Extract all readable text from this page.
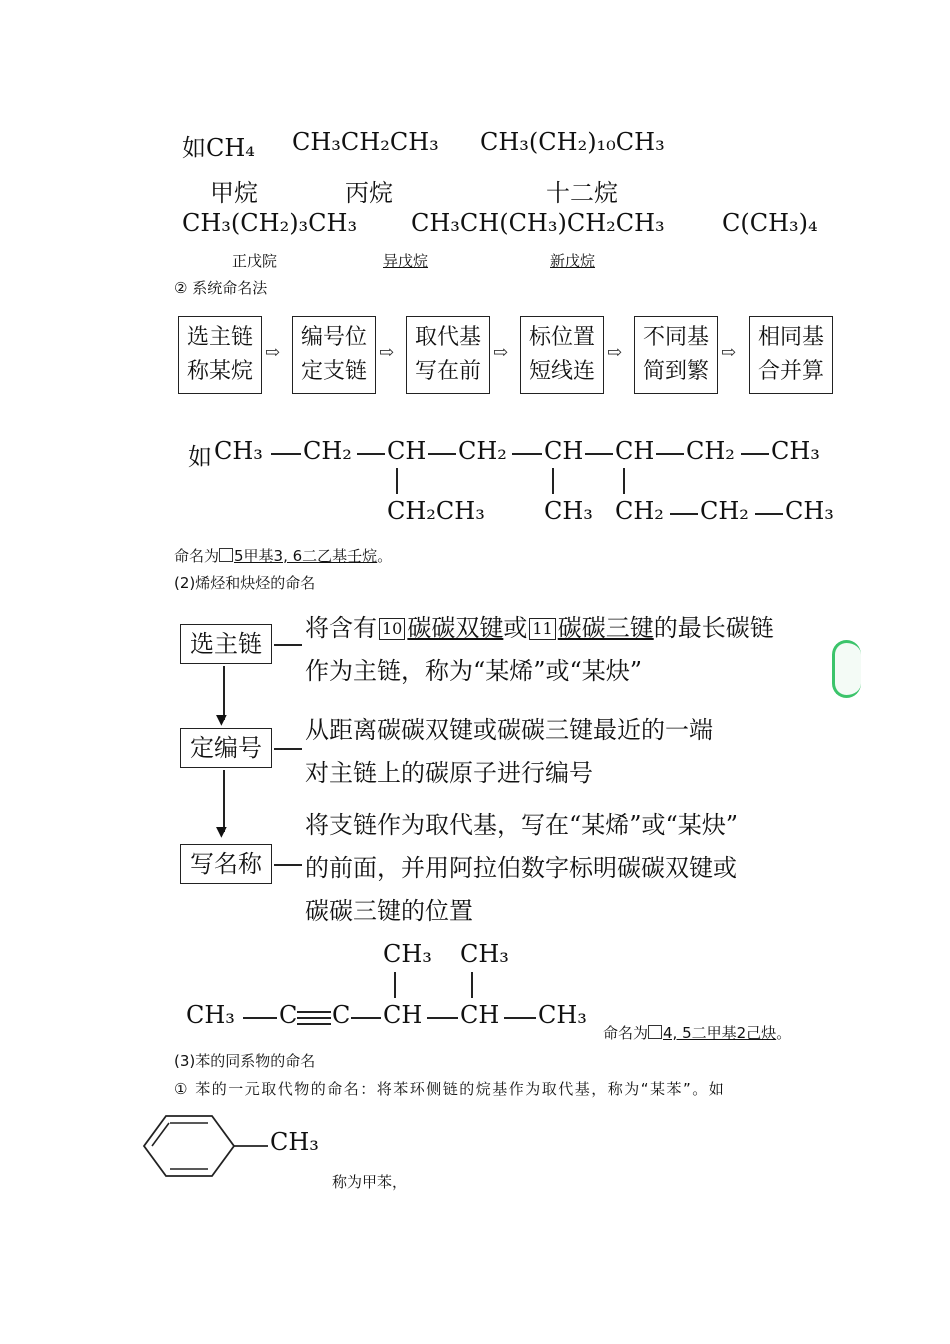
如CH₄ CH₃CH₂CH₃ CH₃(CH₂)₁₀CH₃
甲烷	丙烷	十二烷
CH₃(CH₂)₃CH₃ CH₃CH(CH₃)CH₂CH₃ C(CH₃)₄
正戊院	异戊烷	新戊烷
② 系统命名法
选主链
称某烷
⇨
编号位
定支链
⇨
取代基
写在前
⇨
标位置
短线连
⇨
不同基
简到繁
⇨
相同基
合并算
如 CH₃ CH₂ CH CH₂ CH CH CH₂ CH₃
CH₂CH₃ CH₃ CH₂ CH₂ CH₃
命名为 5甲基3, 6二乙基壬烷。
(2)烯烃和炔烃的命名
选主链
将含有 10 碳碳双键或 11 碳碳三键的最长碳链
作为主链，称为“某烯”或“某炔”
▼
定编号
从距离碳碳双键或碳碳三键最近的一端
对主链上的碳原子进行编号
▼
写名称
将支链作为取代基，写在“某烯”或“某炔”
的前面，并用阿拉伯数字标明碳碳双键或
碳碳三键的位置
CH₃ CH₃
CH₃ C C CH CH CH₃
命名为 4, 5二甲基2己炔。
(3)苯的同系物的命名
① 苯的一元取代物的命名：将苯环侧链的烷基作为取代基，称为“某苯”。如
CH₃
称为甲苯，
